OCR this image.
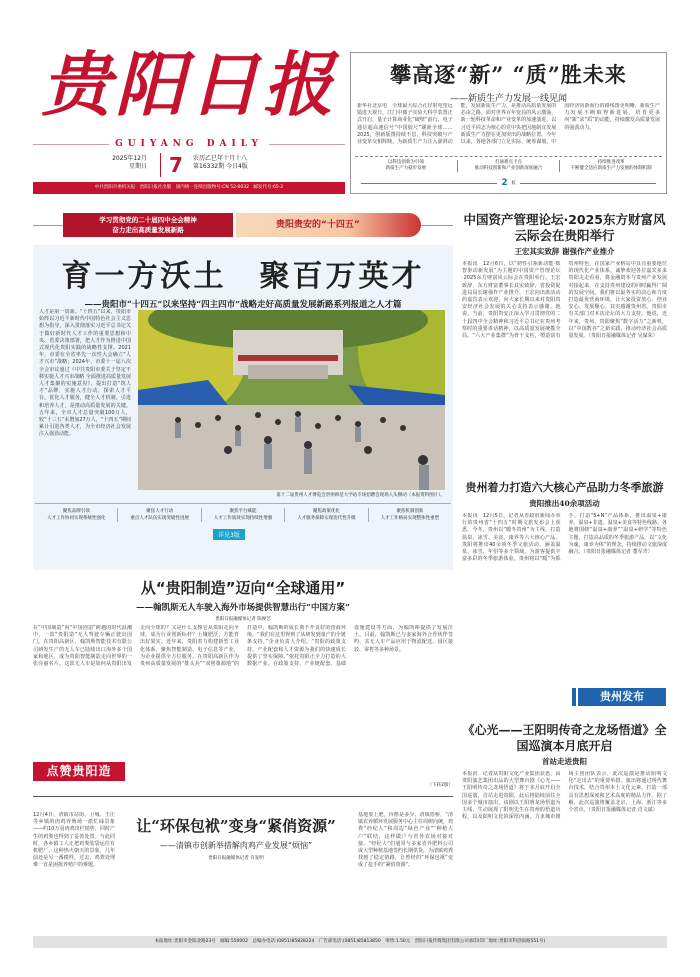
贵阳日报
GUIYANG DAILY
2025年12月
星期日	7 农历乙巳年十月十八
第16332期 今日4版
中共贵阳市委机关报　贵阳日报社出版　国内统一连续出版物号:CN 52-0032　邮发代号:65-2
攀高逐“新” “质”胜未来
——新质生产力发展一线见闻
新华社北京电　全球最大综合孔径射电望远镜选天观日，江门中微子实验大科学装置正式开启，量子计算商业化“破壁”前行，电子通信超高速信号“中国胶尺”刷新全球……2025，创新版图持续不息，科技突破与产业变革交相辉映，为新质生产力注入澎湃动能。发展新质生产力，是推动高质量发展的必由之路。面对世界百年变局的风云激荡，新一轮科技革命和产业变革的加速演进，以习近平同志为核心的党中央把因地制宜发展新质生产力摆在更加突出的战略位置。今年以来，各地各部门立足实际、统筹谋划，中国经济向新而行的路线图更明晰，新质生产力发展不断取得新进展，培育更多向“新”求“质”的动能，持续激发高质量发展的强劲动力。
以科技创新为引领
新质生产力稳步发展
打通难点卡点
推动科技创新和产业创新深度融合
持续推进改革
不断健全适应新质生产力发展的体制机制
2 版
学习贯彻党的二十届四中全会精神
奋力走出高质量发展新路	贵阳贵安的“十四五”
育一方沃土　聚百万英才
——贵阳市“十四五”以来坚持“四主四市”战略走好高质量发展新路系列报道之人才篇
人才是第一资源。“十四五”以来，贵阳市始终以习近平新时代中国特色社会主义思想为指导，深入贯彻落实习近平总书记关于做好新时代人才工作的重要思想和中央、省委决策部署，把人才作为推进中国式现代化贵阳实践的战略性支撑。2021年，市委在全省率先一次性大会确立“人才兴市”战略；2024年，市委十一届八次全会审议通过《中共贵阳市委关于坚定不移实施人才兴市战略 全面推进高质量发展人才集聚的实施意见》，提出打造“筑人才”品牌，实施人才行动，探索人才平台，优化人才服务，健全人才机制。引进和培养人才，是推动高质量发展的关键。五年来，全市人才总量突破100万人，较“十三五”末增加27万人，“十四五”期间累计引进各类人才，为全市经济社会发展注入强劲动能。
第十二届贵州人才博览会贵州师范大学站专场招聘会现场人头攒动（本报资料图片）。
聚焦品牌引领
人才工作协同实现系统性强化
聚焦人才行动
重点人才队伍实现突破性进展
聚焦平台赋能
人才工作质效实现持续性增强
聚焦政策优化
人才服务保障实现迭代性升级
聚焦机制创新
人才工作格局实现整体性重塑
详见3版
从“贵阳制造”迈向“全球通用”
——翰凯斯无人车驶入海外市场提供智慧出行“中国方案”
贵阳日报融媒体记者 陈俊艺
在“中国制造”向“中国创造”跨越的时代浪潮中，一款“贵阳造”无人驾驶车辆正驶出国门。在贵阳高新区，翰凯斯智能技术有限公司研发生产的无人车已陆续出口海外多个国家和地区，成为贵阳智能制造走向世界的一张亮丽名片。这款无人车是如何从贵阳出发走向全球的？又是什么支撑它从贵阳走向全球，成为行业创新标杆？土壤肥沃，方能育出好果实。近年来，贵阳着力构建新型工业化体系，聚焦智能制造、电子信息等产业，为企业提供全方位服务。在贵阳高新区作为贵州高质量发展的“排头兵”“双创策源地”的打造中，翰凯斯的成长离不开良好的营商环境。“我们在这里得到了从研发到量产的全链条支持，”企业负责人介绍，“贵阳的政策支持、产业配套和人才资源为我们的快速成长提供了坚实保障。”依托贵阳正全力打造的大数据产业，在政策支持、产业链配套、基础设施建设等方面，为翰凯斯提供了发展沃土。目前，翰凯斯已与多家海外合作伙伴签约，其无人车产品应用于物流配送、园区接驳、零售等多种场景。
（下转2版）
点赞贵阳造
12月4日，清镇市站街、卫城、王庄等乡镇的肉鸡养殖场一派忙碌景象——约10万羽肉鸡出栏销售，同时产生的鸡粪也得到了妥善处置。与此同时，各乡镇工人正把鸡粪装袋运往有机肥厂，这种热火朝天的景象，几年前还是另一番模样。过去，鸡粪处理难一直是困扰养殖户的难题。
让“环保包袱”变身“紧俏资源”
——清镇市创新举措解肉鸡产业发展“烦恼”
贵阳日报融媒体记者 许发明
基地要上肥，价格是多少，清镇搭桥，“清镇农养循环发展服务中心主任周树向统，鸡粪“经纪人”和周边“绿色产业”“种植大户”联结，这样做户与省外农场对接对接。“经纪人”们通常与多家省外肥料公司或大型种植基地签约长期供货，为清镇鸡粪找到了稳定销路，让曾经的“环保包袱”变成了抢手的“紧俏资源”。
中国资产管理论坛·2025东方财富风云际会在贵阳举行
王宏其实致辞 谢强作产业推介
本报讯　12月6日，以“韧性引领新动能·数智驱动新发展”为主题的中国资产管理论坛·2025东方财富风云际会在贵阳举行。王宏致辞，东方财富董事长其实致辞，省投资促进局局长谢强作产业推介。王宏向出席活动的嘉宾表示欢迎，向大家长期以来对贵阳贵安经济社会发展的关心支持表示感谢。他说，当前，贵阳贵安正深入学习贯彻党的二十届四中全会精神和习近平总书记在贵州考察时的重要讲话精神，以高质量发展统揽全局。“六大产业集群”为骨干支柱，塑造富有贵州特色，在国家产业格局中具有重要地位的现代化产业体系。诚挚欢迎各位嘉宾多来贵阳走走看看，将金融资本与贵州产业发展对接起来，在支持贵州建设的同时赢得广阔的发展空间。我们将以最务实的决心和力度打造最优营商环境，让大家投资放心、创业安心、发展顺心。其实感谢贵州省、贵阳市有关部门对本次论坛的大力支持。他说，近年来，贵州、贵阳聚焦“数字活力”之新机，以“中国数谷”之新实践，推动经济社会高质量发展。（贵阳日报融媒体记者 吴谋荣）
贵州着力打造六大核心产品助力冬季旅游
贵阳推出40余项活动
本报讯　12月5日，记者从省政府新闻办举行的贵州省“十四五”时期文旅发布会上获悉，今冬，贵州以“暖冬贵州”为主线，打造温泉、冰雪、美食、康养等六大核心产品。贵阳将推出40余项冬季文旅活动，涵盖温泉、冰雪、年俗等多个领域，为游客提供丰富多彩的冬季旅游体验。贵州将以“暖”为抓手，打造“5+N”产品体系，推出温泉+康养、温泉+非遗、温泉+美食等特色线路。各地将围绕“温泉+康养”“温泉+研学”等特色主题，打造高品质的冬季旅游产品。以“文化为魂，康养为体”的理念，持续推动文旅深度融合。（贵阳日报融媒体记者 董军青）
贵州发布
《心光——王阳明传奇之龙场悟道》全国巡演本月底开启
首站走进贵阳
本报讯　记者从贵阳文化产业集团获悉，由贵阳演艺集团出品的大型舞台剧《心光——王阳明传奇之龙场悟道》将于本月底开启全国巡演，首站走进贵阳，此后将陆续前往全国多个城市演出。该剧以王阳明龙场悟道为主线，生动展现了阳明先生在贵州的悟道历程，以及阳明文化的深厚内涵。力求城市剧场主创团队表示，此次巡演是推动阳明文化“走出去”的重要举措。演出将通过现代舞台技术，结合贵州本土文化元素，打造一部具有思想深度和艺术高度的精品力作。据了解，此次巡演将覆盖北京、上海、浙江等多个省市。（贵阳日报融媒体记者 肖文斌）
本报地址:贵阳市金阳北路23号　邮编:550002　总编办电话:(0851)85828224　广告部电话:(0851)85813850　零售:1.50元　贵阳日报传媒集团有限公司承印(印厂地址:贵阳市科创南路551号)
